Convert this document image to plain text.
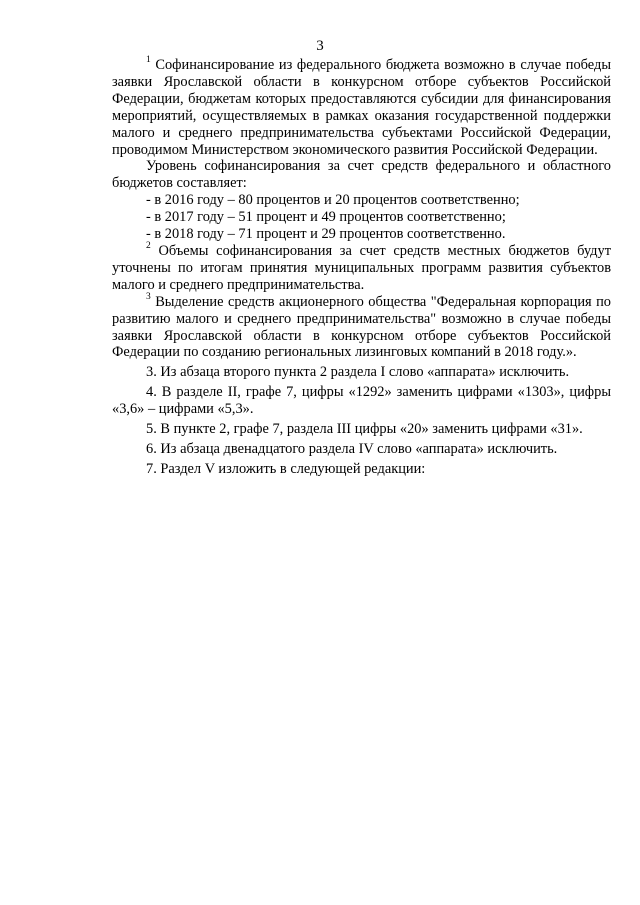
3

$^1$ Софинансирование из федерального бюджета возможно в случае победы заявки Ярославской области в конкурсном отборе субъектов Российской Федерации, бюджетам которых предоставляются субсидии для финансирования мероприятий, осуществляемых в рамках оказания государственной поддержки малого и среднего предпринимательства субъектами Российской Федерации, проводимом Министерством экономического развития Российской Федерации.

Уровень софинансирования за счет средств федерального и областного бюджетов составляет:

- в 2016 году – 80 процентов и 20 процентов соответственно;

- в 2017 году – 51 процент и 49 процентов соответственно;

- в 2018 году – 71 процент и 29 процентов соответственно.

$^2$ Объемы софинансирования за счет средств местных бюджетов будут уточнены по итогам принятия муниципальных программ развития субъектов малого и среднего предпринимательства.

$^3$ Выделение средств акционерного общества "Федеральная корпорация по развитию малого и среднего предпринимательства" возможно в случае победы заявки Ярославской области в конкурсном отборе субъектов Российской Федерации по созданию региональных лизинговых компаний в 2018 году.».

3. Из абзаца второго пункта 2 раздела I слово «аппарата» исключить.

4. В разделе II, графе 7, цифры «1292» заменить цифрами «1303», цифры «3,6» – цифрами «5,3».

5. В пункте 2, графе 7, раздела III цифры «20» заменить цифрами «31».

6. Из абзаца двенадцатого раздела IV слово «аппарата» исключить.

7. Раздел V изложить в следующей редакции:
